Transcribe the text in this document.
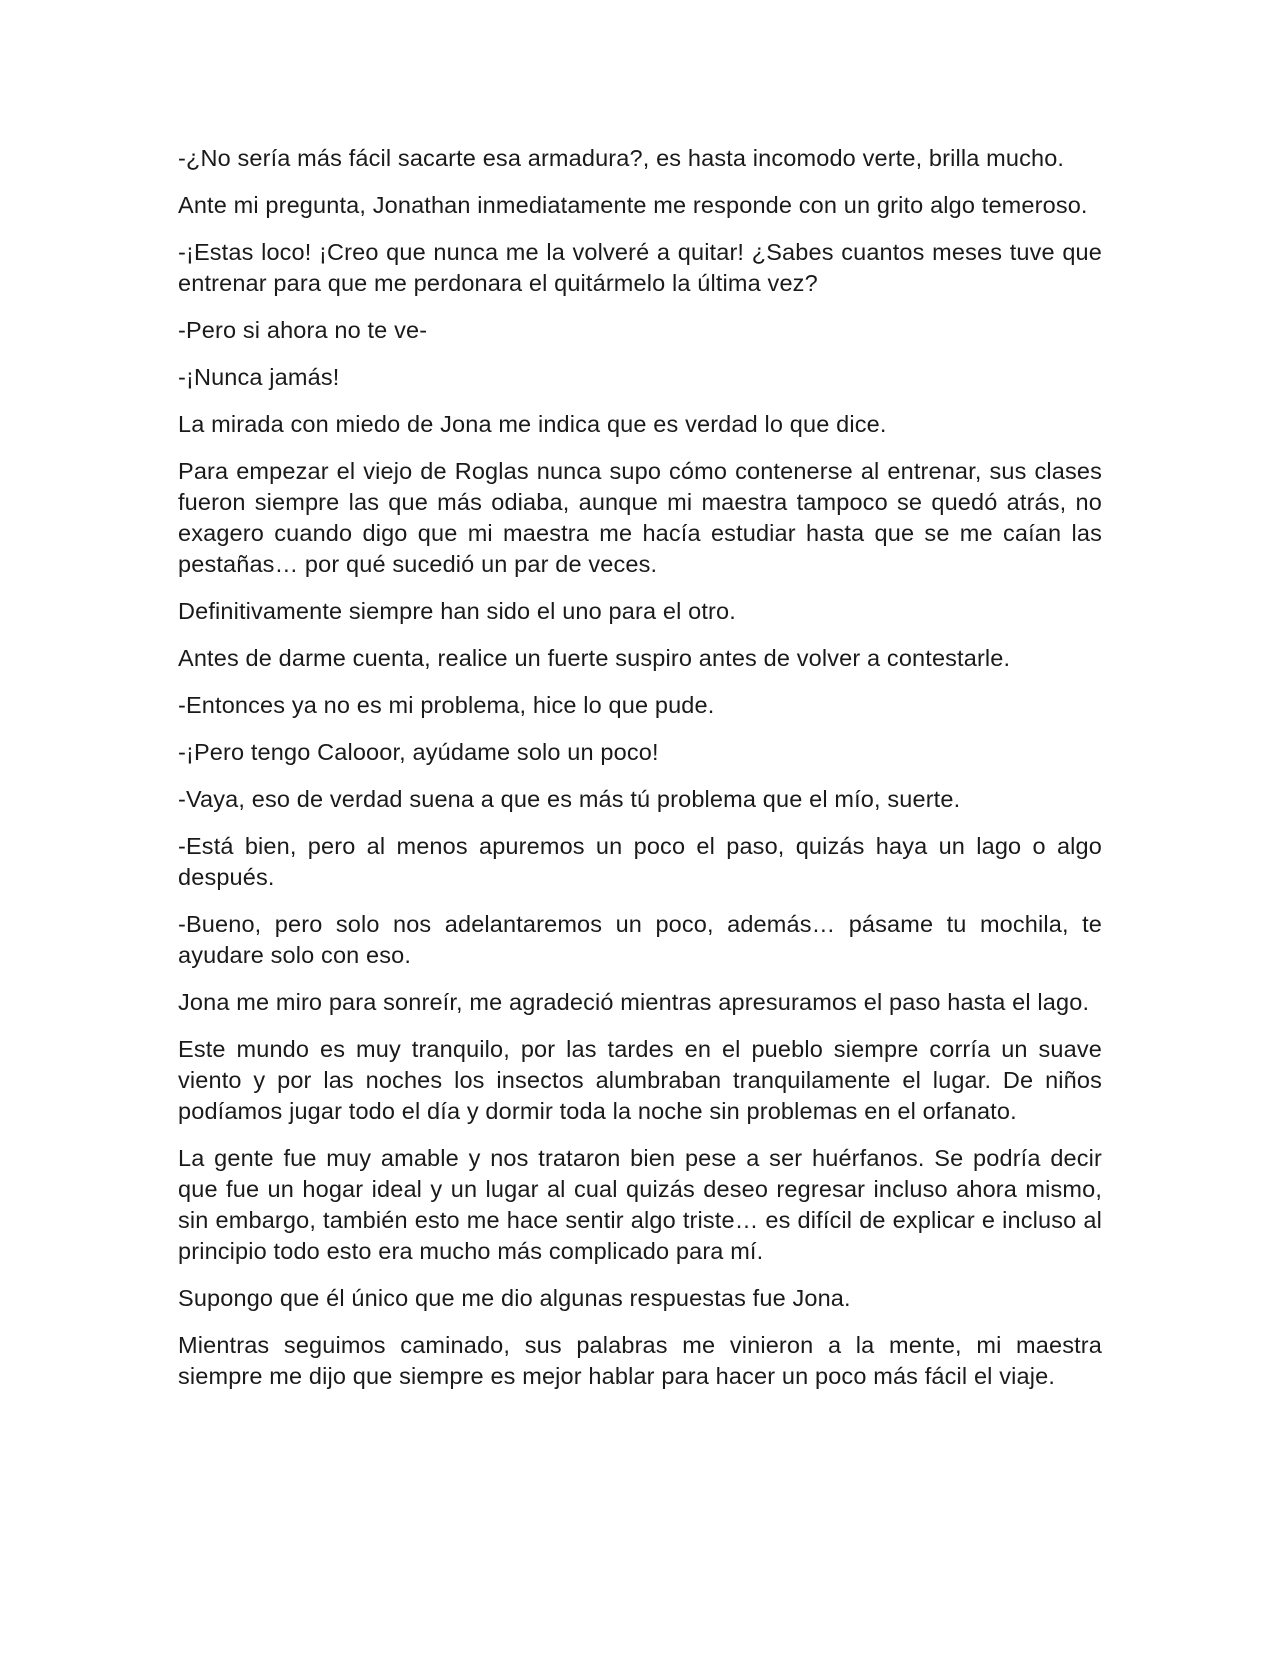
-¿No sería más fácil sacarte esa armadura?, es hasta incomodo verte, brilla mucho.

Ante mi pregunta, Jonathan inmediatamente me responde con un grito algo temeroso.

-¡Estas loco! ¡Creo que nunca me la volveré a quitar! ¿Sabes cuantos meses tuve que entrenar para que me perdonara el quitármelo la última vez?

-Pero si ahora no te ve-

-¡Nunca jamás!

La mirada con miedo de Jona me indica que es verdad lo que dice.

Para empezar el viejo de Roglas nunca supo cómo contenerse al entrenar, sus clases fueron siempre las que más odiaba, aunque mi maestra tampoco se quedó atrás, no exagero cuando digo que mi maestra me hacía estudiar hasta que se me caían las pestañas… por qué sucedió un par de veces.

Definitivamente siempre han sido el uno para el otro.

Antes de darme cuenta, realice un fuerte suspiro antes de volver a contestarle.

-Entonces ya no es mi problema, hice lo que pude.

-¡Pero tengo Calooor, ayúdame solo un poco!

-Vaya, eso de verdad suena a que es más tú problema que el mío, suerte.

-Está bien, pero al menos apuremos un poco el paso, quizás haya un lago o algo después.

-Bueno, pero solo nos adelantaremos un poco, además… pásame tu mochila, te ayudare solo con eso.

Jona me miro para sonreír, me agradeció mientras apresuramos el paso hasta el lago.

Este mundo es muy tranquilo, por las tardes en el pueblo siempre corría un suave viento y por las noches los insectos alumbraban tranquilamente el lugar. De niños podíamos jugar todo el día y dormir toda la noche sin problemas en el orfanato.

La gente fue muy amable y nos trataron bien pese a ser huérfanos. Se podría decir que fue un hogar ideal y un lugar al cual quizás deseo regresar incluso ahora mismo, sin embargo, también esto me hace sentir algo triste… es difícil de explicar e incluso al principio todo esto era mucho más complicado para mí.

Supongo que él único que me dio algunas respuestas fue Jona.

Mientras seguimos caminado, sus palabras me vinieron a la mente, mi maestra siempre me dijo que siempre es mejor hablar para hacer un poco más fácil el viaje.
